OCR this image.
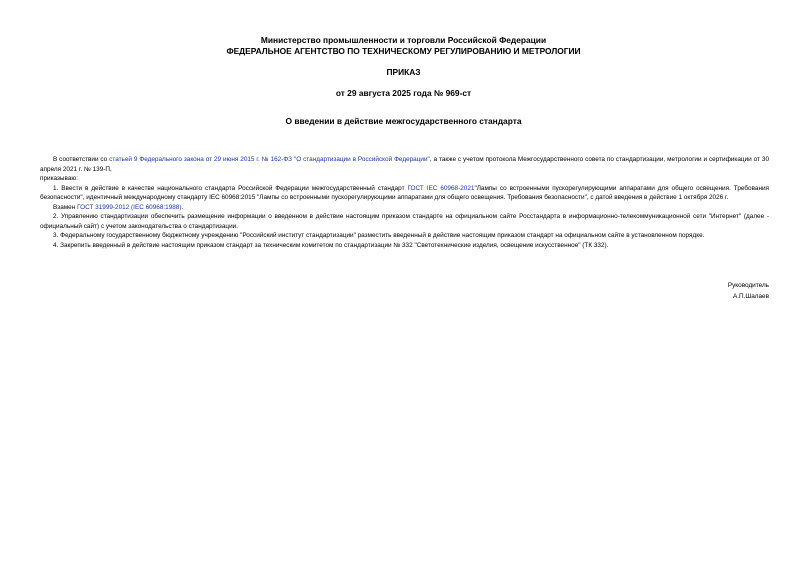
Министерство промышленности и торговли Российской Федерации
ФЕДЕРАЛЬНОЕ АГЕНТСТВО ПО ТЕХНИЧЕСКОМУ РЕГУЛИРОВАНИЮ И МЕТРОЛОГИИ
ПРИКАЗ
от 29 августа 2025 года № 969-ст
О введении в действие межгосударственного стандарта

В соответствии со статьей 9 Федерального закона от 29 июня 2015 г. № 162-ФЗ "О стандартизации в Российской Федерации", а также с учетом протокола Межгосударственного совета по стандартизации, метрологии и сертификации от 30 апреля 2021 г. № 139-П,

приказываю:

1. Ввести в действие в качестве национального стандарта Российской Федерации межгосударственный стандарт ГОСТ IEC 60968-2021"Лампы со встроенными пускорегулирующими аппаратами для общего освещения. Требования безопасности", идентичный международному стандарту IEC 60968:2015 "Лампы со встроенными пускорегулирующими аппаратами для общего освещения. Требования безопасности", с датой введения в действие 1 октября 2026 г.

Взамен ГОСТ 31999-2012 (IEC 60968:1988).

2. Управлению стандартизации обеспечить размещение информации о введенном в действие настоящим приказом стандарте на официальном сайте Росстандарта в информационно-телекоммуникационной сети "Интернет" (далее - официальный сайт) с учетом законодательства о стандартизации.

3. Федеральному государственному бюджетному учреждению "Российский институт стандартизации" разместить введенный в действие настоящим приказом стандарт на официальном сайте в установленном порядке.

4. Закрепить введенный в действие настоящим приказом стандарт за техническим комитетом по стандартизации № 332 "Светотехнические изделия, освещение искусственное" (ТК 332).

Руководитель
А.П.Шалаев
